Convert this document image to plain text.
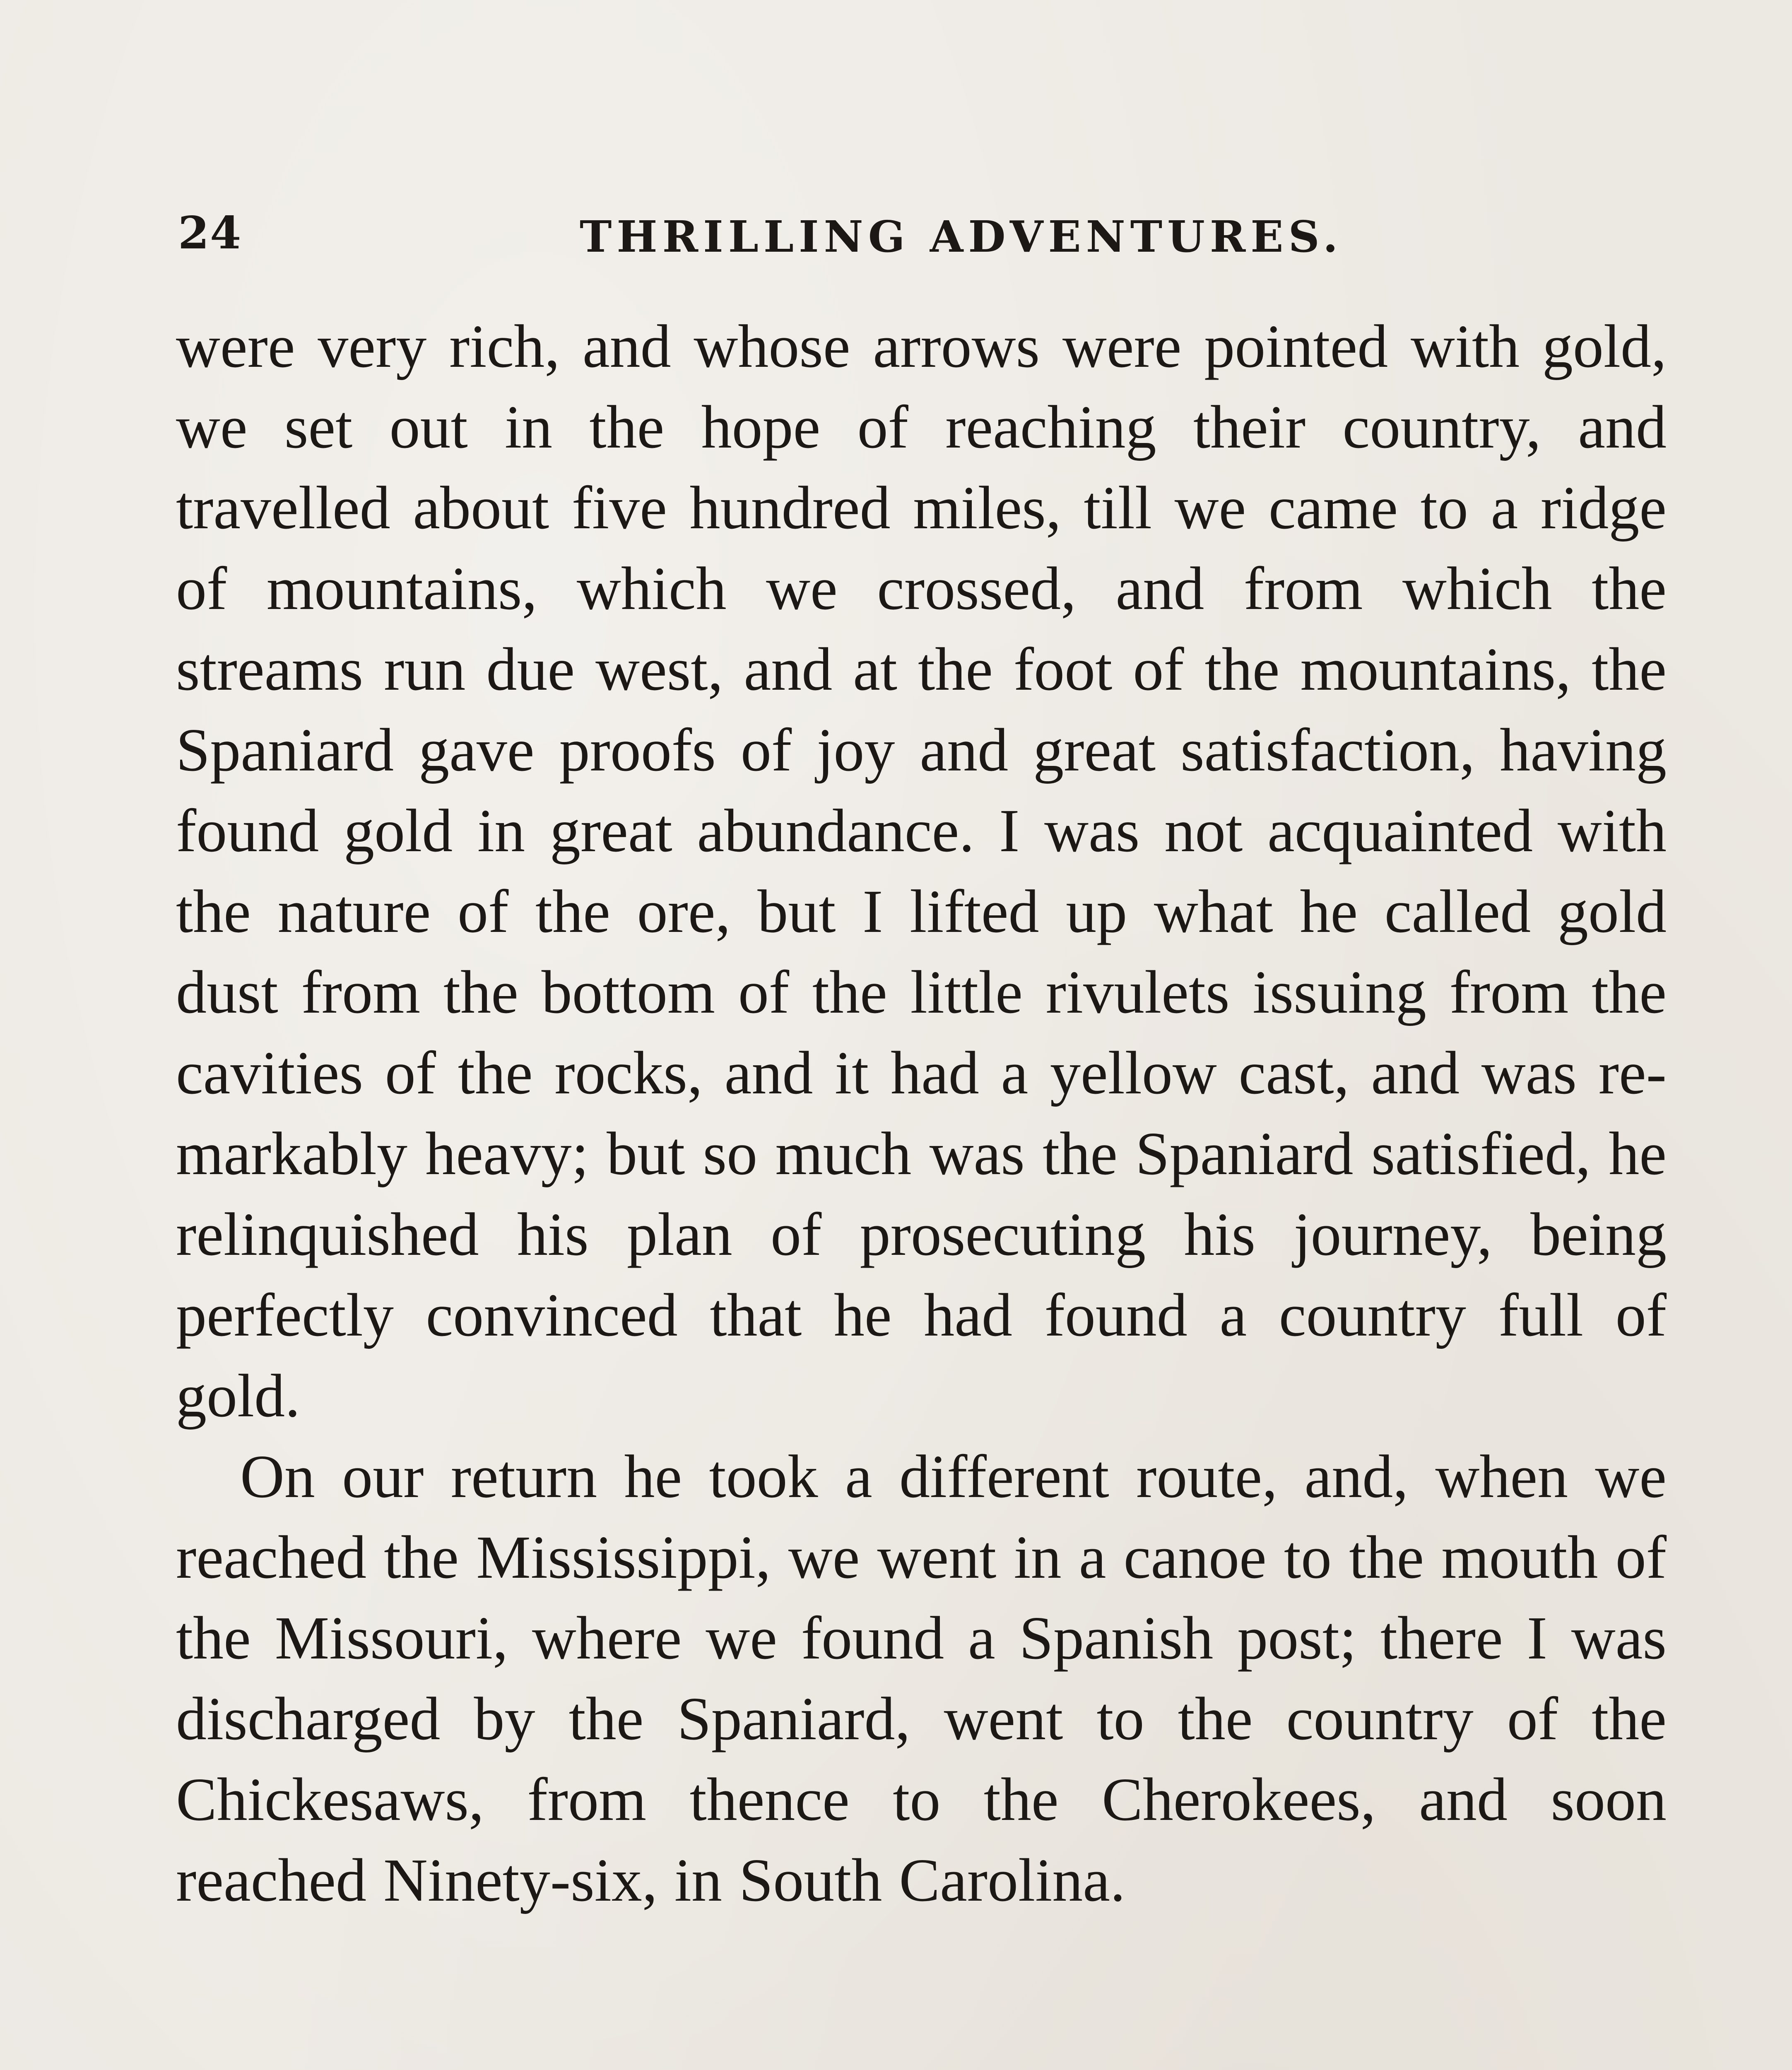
24	THRILLING ADVENTURES.

were very rich, and whose arrows were pointed with gold, we set out in the hope of reaching their country, and travelled about five hundred miles, till we came to a ridge of mountains, which we crossed, and from which the streams run due west, and at the foot of the mountains, the Spaniard gave proofs of joy and great satisfaction, having found gold in great abundance. I was not acquainted with the nature of the ore, but I lifted up what he called gold dust from the bottom of the little rivulets issuing from the cavities of the rocks, and it had a yellow cast, and was remarkably heavy; but so much was the Spaniard satisfied, he relinquished his plan of prosecuting his journey, being perfectly convinced that he had found a country full of gold.

On our return he took a different route, and, when we reached the Mississippi, we went in a canoe to the mouth of the Missouri, where we found a Spanish post; there I was discharged by the Spaniard, went to the country of the Chickesaws, from thence to the Cherokees, and soon reached Ninety-six, in South Carolina.
